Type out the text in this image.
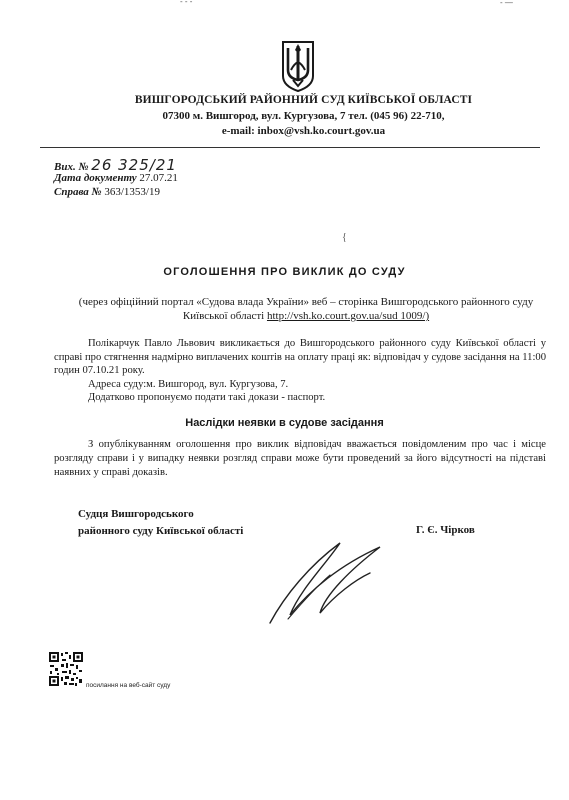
- - -	- —
ВИШГОРОДСЬКИЙ РАЙОННИЙ СУД КИЇВСЬКОЇ ОБЛАСТІ
07300 м. Вишгород, вул. Кургузова, 7 тел. (045 96) 22-710,
e-mail: inbox@vsh.ko.court.gov.ua
Вих. № 26 325/21
Дата документу 27.07.21
Справа № 363/1353/19
{
ОГОЛОШЕННЯ ПРО ВИКЛИК ДО СУДУ
(через офіційний портал «Судова влада України» веб – сторінка Вишгородського районного суду Київської області http://vsh.ko.court.gov.ua/sud 1009/)
Полікарчук Павло Львович викликається до Вишгородського районного суду Київської області у справі про стягнення надмірно виплачених коштів на оплату праці як: відповідач у судове засідання на 11:00 годин 07.10.21 року.
Адреса суду:м. Вишгород, вул. Кургузова, 7.
Додатково пропонуємо подати такі докази - паспорт.
Наслідки неявки в судове засідання
З опублікуванням оголошення про виклик відповідач вважається повідомленим про час і місце розгляду справи і у випадку неявки розгляд справи може бути проведений за його відсутності на підставі наявних у справі доказів.
Судця Вишгородського
районного суду Київської області	Г. Є. Чірков
посилання на веб-сайт суду
